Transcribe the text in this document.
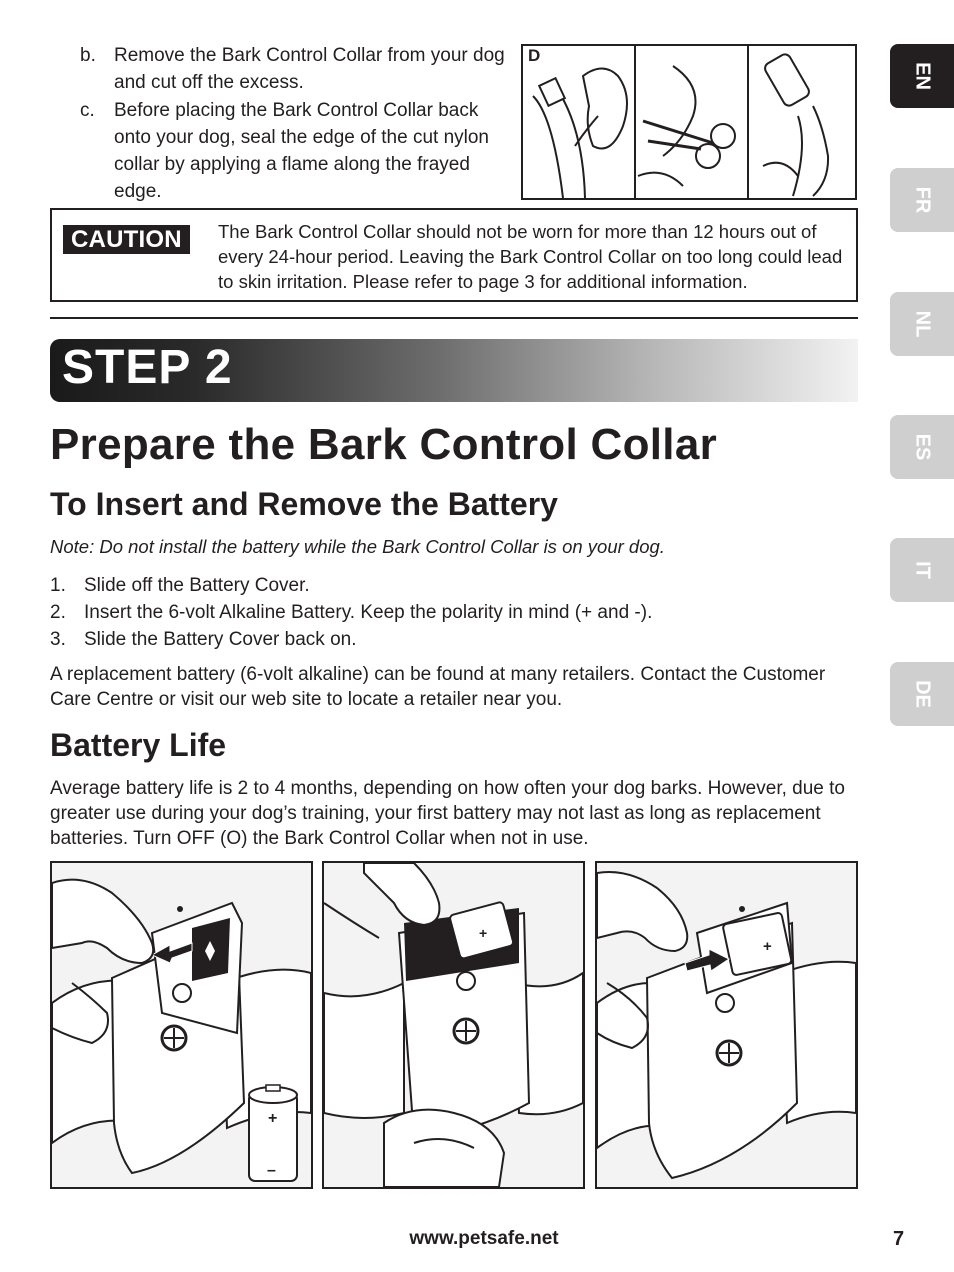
b. Remove the Bark Control Collar from your dog and cut off the excess.
c.	Before placing the Bark Control Collar back onto your dog, seal the edge of the cut nylon collar by applying a flame along the frayed edge.
D
CAUTION	The Bark Control Collar should not be worn for more than 12 hours out of every 24-hour period. Leaving the Bark Control Collar on too long could lead to skin irritation. Please refer to page 3 for additional information.
STEP 2
Prepare the Bark Control Collar
To Insert and Remove the Battery
Note: Do not install the battery while the Bark Control Collar is on your dog.
1. Slide off the Battery Cover.
2. Insert the 6-volt Alkaline Battery. Keep the polarity in mind (+ and -).
3. Slide the Battery Cover back on.
A replacement battery (6-volt alkaline) can be found at many retailers. Contact the Customer Care Centre or visit our web site to locate a retailer near you.
Battery Life
Average battery life is 2 to 4 months, depending on how often your dog barks. However, due to greater use during your dog’s training, your first battery may not last as long as replacement batteries. Turn OFF (O) the Bark Control Collar when not in use.
+
–
+
+
EN
FR
NL
ES
IT
DE
www.petsafe.net	7
